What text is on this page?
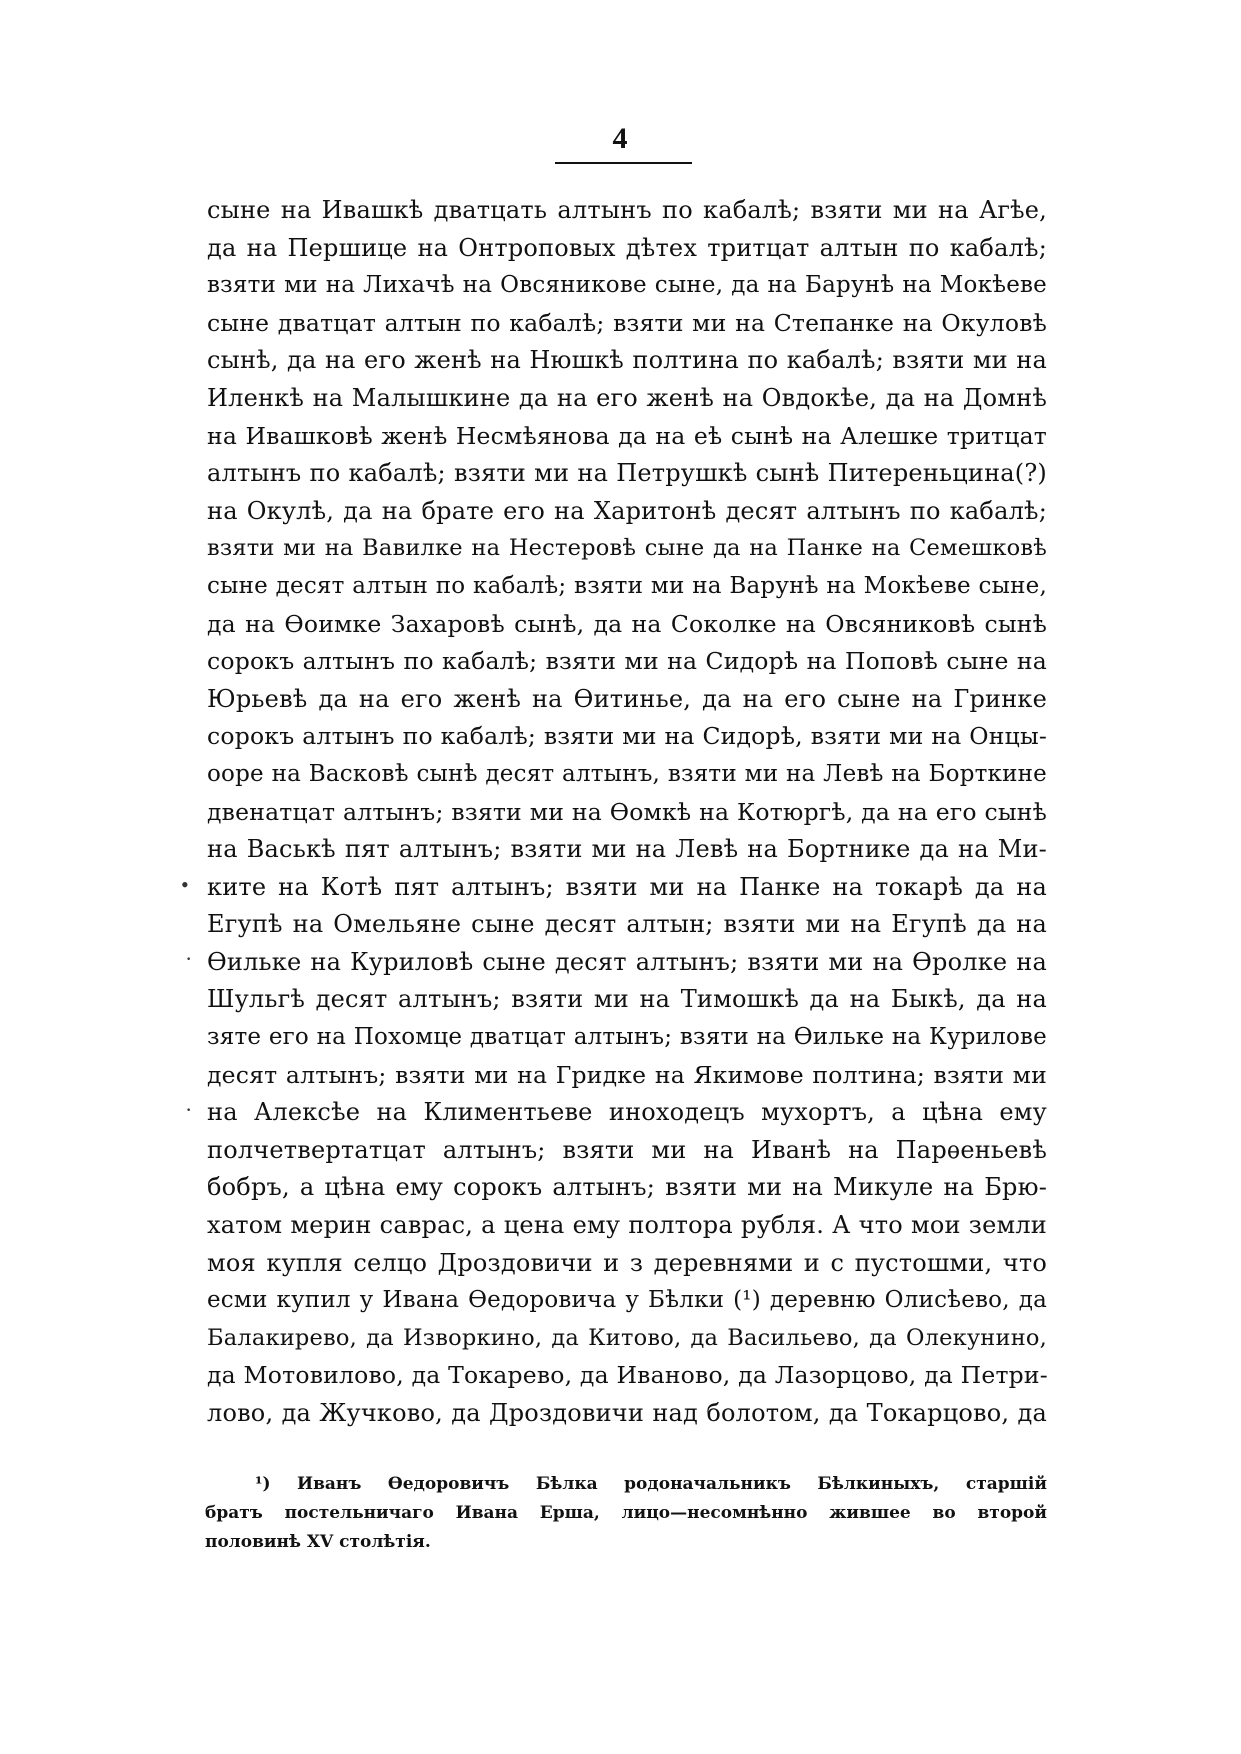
4
сыне на Ивашкѣ дватцать алтынъ по кабалѣ; взяти ми на Агѣе,
да на Першице на Онтроповых дѣтех тритцат алтын по кабалѣ;
взяти ми на Лихачѣ на Овсяникове сыне, да на Барунѣ на Мокѣеве
сыне дватцат алтын по кабалѣ; взяти ми на Степанке на Окуловѣ
сынѣ, да на его женѣ на Нюшкѣ полтина по кабалѣ; взяти ми на
Иленкѣ на Малышкине да на его женѣ на Овдокѣе, да на Домнѣ
на Ивашковѣ женѣ Несмѣянова да на еѣ сынѣ на Алешке тритцат
алтынъ по кабалѣ; взяти ми на Петрушкѣ сынѣ Питереньцина(?)
на Окулѣ, да на брате его на Харитонѣ десят алтынъ по кабалѣ;
взяти ми на Вавилке на Нестеровѣ сыне да на Панке на Семешковѣ
сыне десят алтын по кабалѣ; взяти ми на Варунѣ на Мокѣеве сыне,
да на Ѳоимке Захаровѣ сынѣ, да на Соколке на Овсяниковѣ сынѣ
сорокъ алтынъ по кабалѣ; взяти ми на Сидорѣ на Поповѣ сыне на
Юрьевѣ да на его женѣ на Ѳитинье, да на его сыне на Гринке
сорокъ алтынъ по кабалѣ; взяти ми на Сидорѣ, взяти ми на Онцы-
ооре на Васковѣ сынѣ десят алтынъ, взяти ми на Левѣ на Борткине
двенатцат алтынъ; взяти ми на Ѳомкѣ на Котюргѣ, да на его сынѣ
на Васькѣ пят алтынъ; взяти ми на Левѣ на Бортнике да на Ми-
ките на Котѣ пят алтынъ; взяти ми на Панке на токарѣ да на
Егупѣ на Омельяне сыне десят алтын; взяти ми на Егупѣ да на
Ѳильке на Куриловѣ сыне десят алтынъ; взяти ми на Ѳролке на
Шульгѣ десят алтынъ; взяти ми на Тимошкѣ да на Быкѣ, да на
зяте его на Похомце дватцат алтынъ; взяти на Ѳильке на Курилове
десят алтынъ; взяти ми на Гридке на Якимове полтина; взяти ми
на Алексѣе на Климентьеве иноходецъ мухортъ, а цѣна ему
полчетвертатцат алтынъ; взяти ми на Иванѣ на Парѳеньевѣ
бобръ, а цѣна ему сорокъ алтынъ; взяти ми на Микуле на Брю-
хатом мерин саврас, а цена ему полтора рубля. А что мои земли
моя купля селцо Дроздовичи и з деревнями и с пустошми, что
есми купил у Ивана Ѳедоровича у Бѣлки (¹) деревню Олисѣево, да
Балакирево, да Изворкино, да Китово, да Васильево, да Олекунино,
да Мотовилово, да Токарево, да Иваново, да Лазорцово, да Петри-
лово, да Жучково, да Дроздовичи над болотом, да Токарцово, да
•
·
·
¹) Иванъ Ѳедоровичъ Бѣлка родоначальникъ Бѣлкиныхъ, старшій
братъ постельничаго Ивана Ерша, лицо—несомнѣнно жившее во второй
половинѣ XV столѣтія.
